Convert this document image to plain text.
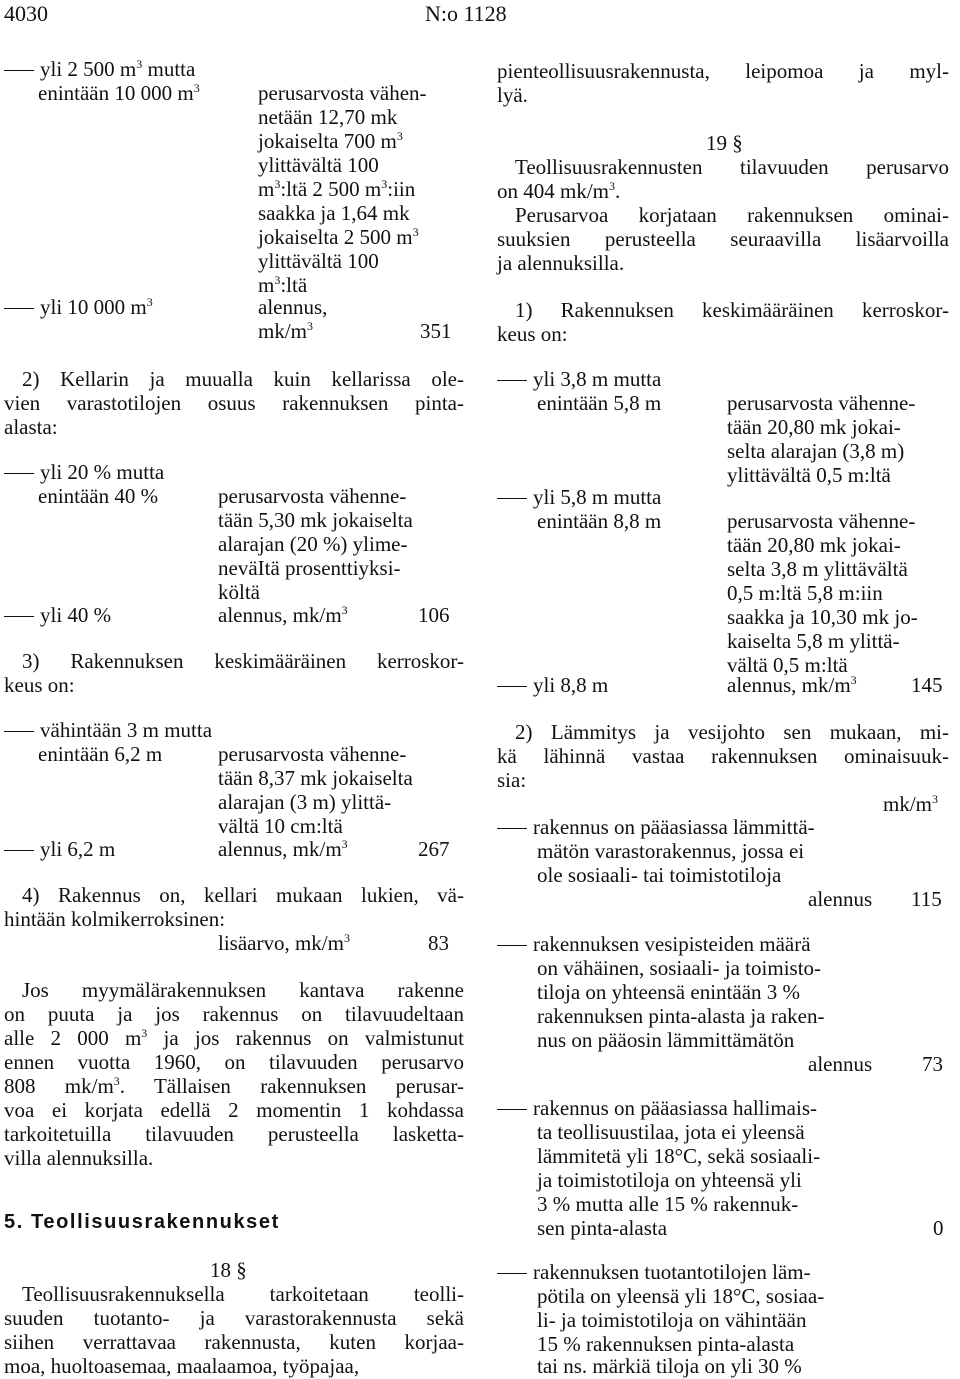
4030	N:o 1128
yli 2 500 $m^3$ mutta
enintään 10 000 $m^3$	perusarvosta vähen-
netään 12,70 mk
jokaiselta 700 $m^3$
ylittävältä 100
$m^3:ltä$ 2 500 $m^3:iin$
saakka ja 1,64 mk
jokaiselta 2 500 $m^3$
ylittävältä 100
$m^3:ltä$
yli 10 000 $m^3$	alennus,
$mk/m^3$	351
2) Kellarin ja muualla kuin kellarissa ole-
vien varastotilojen osuus rakennuksen pinta-
alasta:
yli 20 % mutta
enintään 40 %	perusarvosta vähenne-
tään 5,30 mk jokaiselta
alarajan (20 %) ylime-
neväItä prosenttiyksi-
költä
yli 40 %	alennus, $mk/m^3$	106
3) Rakennuksen keskimääräinen kerroskor-
keus on:
vähintään 3 m mutta
enintään 6,2 m	perusarvosta vähenne-
tään 8,37 mk jokaiselta
alarajan (3 m) ylittä-
vältä 10 cm:ltä
yli 6,2 m	alennus, $mk/m^3$	267
4) Rakennus on, kellari mukaan lukien, vä-
hintään kolmikerroksinen:
lisäarvo, $mk/m^3$	83
Jos myymälärakennuksen kantava rakenne
on puuta ja jos rakennus on tilavuudeltaan
alle 2 000 $m^3$ ja jos rakennus on valmistunut
ennen vuotta 1960, on tilavuuden perusarvo
808 $mk/m^3$. Tällaisen rakennuksen perusar-
voa ei korjata edellä 2 momentin 1 kohdassa
tarkoitetuilla tilavuuden perusteella lasketta-
villa alennuksilla.
5. Teollisuusrakennukset
18 §
Teollisuusrakennuksella tarkoitetaan teolli-
suuden tuotanto- ja varastorakennusta sekä
siihen verrattavaa rakennusta, kuten korjaa-
moa, huoltoasemaa, maalaamoa, työpajaa,
pienteollisuusrakennusta, leipomoa ja myl-
lyä.
19 §
Teollisuusrakennusten tilavuuden perusarvo
on 404 $mk/m^3$.
Perusarvoa korjataan rakennuksen ominai-
suuksien perusteella seuraavilla lisäarvoilla
ja alennuksilla.
1) Rakennuksen keskimääräinen kerroskor-
keus on:
yli 3,8 m mutta
enintään 5,8 m	perusarvosta vähenne-
tään 20,80 mk jokai-
selta alarajan (3,8 m)
ylittävältä 0,5 m:ltä
yli 5,8 m mutta
enintään 8,8 m	perusarvosta vähenne-
tään 20,80 mk jokai-
selta 3,8 m ylittävältä
0,5 m:ltä 5,8 m:iin
saakka ja 10,30 mk jo-
kaiselta 5,8 m ylittä-
vältä 0,5 m:ltä
yli 8,8 m	alennus, $mk/m^3$	145
2) Lämmitys ja vesijohto sen mukaan, mi-
kä lähinnä vastaa rakennuksen ominaisuuk-
sia:
$mk/m^3$
rakennus on pääasiassa lämmittä-
mätön varastorakennus, jossa ei
ole sosiaali- tai toimistotiloja
alennus 115
rakennuksen vesipisteiden määrä
on vähäinen, sosiaali- ja toimisto-
tiloja on yhteensä enintään 3 %
rakennuksen pinta-alasta ja raken-
nus on pääosin lämmittämätön
alennus 73
rakennus on pääasiassa hallimais-
ta teollisuustilaa, jota ei yleensä
lämmitetä yli 18°C, sekä sosiaali-
ja toimistotiloja on yhteensä yli
3 % mutta alle 15 % rakennuk-
sen pinta-alasta	0
rakennuksen tuotantotilojen läm-
pötila on yleensä yli 18°C, sosiaa-
li- ja toimistotiloja on vähintään
15 % rakennuksen pinta-alasta
tai ns. märkiä tiloja on yli 30 %
